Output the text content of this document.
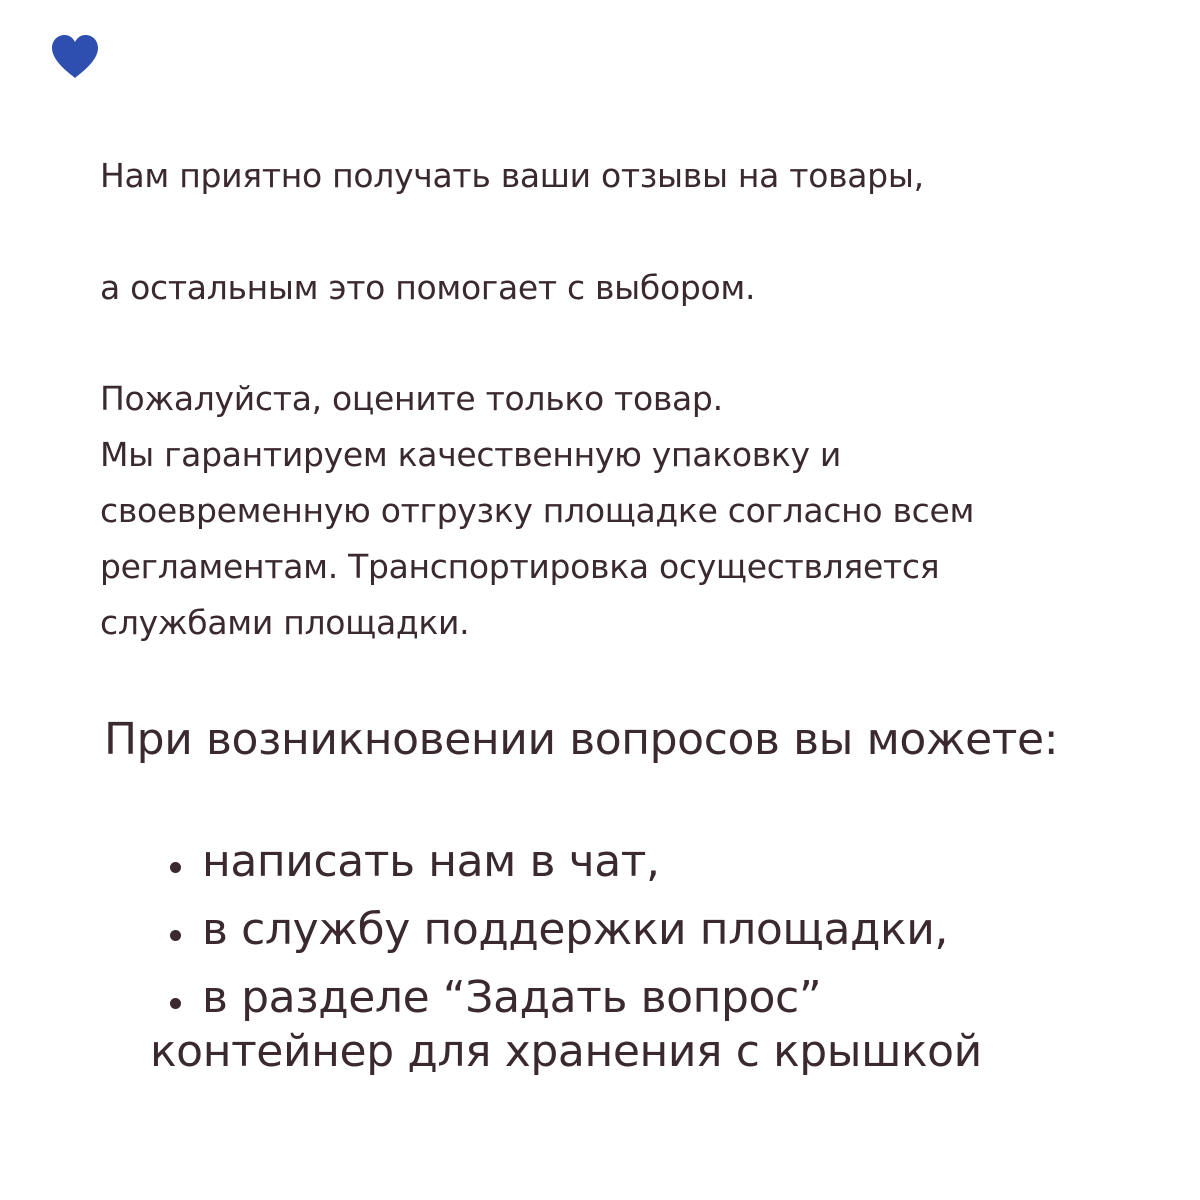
Нам приятно получать ваши отзывы на товары,

а остальным это помогает с выбором.

Пожалуйста, оцените только товар.
Мы гарантируем качественную упаковку и
своевременную отгрузку площадке согласно всем
регламентам. Транспортировка осуществляется
службами площадки.

При возникновении вопросов вы можете:
написать нам в чат,
в службу поддержки площадки,
в разделе “Задать вопрос”

контейнер для хранения с крышкой
